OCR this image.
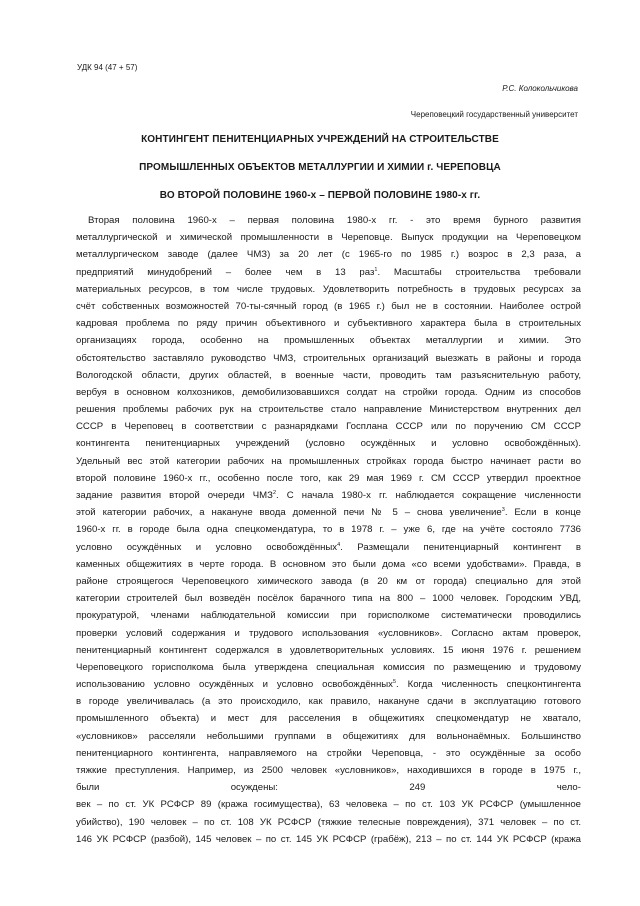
УДК 94 (47 + 57)
Р.С. Колокольчикова
Череповецкий государственный университет
КОНТИНГЕНТ ПЕНИТЕНЦИАРНЫХ УЧРЕЖДЕНИЙ НА СТРОИТЕЛЬСТВЕ
ПРОМЫШЛЕННЫХ ОБЪЕКТОВ МЕТАЛЛУРГИИ И ХИМИИ г. ЧЕРЕПОВЦА
ВО ВТОРОЙ ПОЛОВИНЕ 1960-х – ПЕРВОЙ ПОЛОВИНЕ 1980-х гг.
Вторая половина 1960-х – первая половина 1980-х гг. - это время бурного развития
металлургической и химической промышленности в Череповце. Выпуск продукции на Череповецком
металлургическом заводе (далее ЧМЗ) за 20 лет (с 1965-го по 1985 г.) возрос в 2,3 раза, а
предприятий минудобрений – более чем в 13 раз$^1$. Масштабы строительства требовали
материальных ресурсов, в том числе трудовых. Удовлетворить потребность в трудовых ресурсах за
счёт собственных возможностей 70-ты-сячный город (в 1965 г.) был не в состоянии. Наиболее острой
кадровая проблема по ряду причин объективного и субъективного характера была в строительных
организациях города, особенно на промышленных объектах металлургии и химии. Это
обстоятельство заставляло руководство ЧМЗ, строительных организаций выезжать в районы и города
Вологодской области, других областей, в военные части, проводить там разъяснительную работу,
вербуя в основном колхозников, демобилизовавшихся солдат на стройки города. Одним из способов
решения проблемы рабочих рук на строительстве стало направление Министерством внутренних дел
СССР в Череповец в соответствии с разнарядками Госплана СССР или по поручению СМ СССР
контингента пенитенциарных учреждений (условно осуждённых и условно освобождённых).
Удельный вес этой категории рабочих на промышленных стройках города быстро начинает расти во
второй половине 1960-х гг., особенно после того, как 29 мая 1969 г. СМ СССР утвердил проектное
задание развития второй очереди ЧМЗ$^2$. С начала 1980-х гг. наблюдается сокращение численности
этой категории рабочих, а накануне ввода доменной печи № 5 – снова увеличение$^3$. Если в конце
1960-х гг. в городе была одна спецкомендатура, то в 1978 г. – уже 6, где на учёте состояло 7736
условно осуждённых и условно освобождённых$^4$. Размещали пенитенциарный контингент в
каменных общежитиях в черте города. В основном это были дома «со всеми удобствами». Правда, в
районе строящегося Череповецкого химического завода (в 20 км от города) специально для этой
категории строителей был возведён посёлок барачного типа на 800 – 1000 человек. Городским УВД,
прокуратурой, членами наблюдательной комиссии при горисполкоме систематически проводились
проверки условий содержания и трудового использования «условников». Согласно актам проверок,
пенитенциарный контингент содержался в удовлетворительных условиях. 15 июня 1976 г. решением
Череповецкого горисполкома была утверждена специальная комиссия по размещению и трудовому
использованию условно осуждённых и условно освобождённых$^5$. Когда численность спецконтингента
в городе увеличивалась (а это происходило, как правило, накануне сдачи в эксплуатацию готового
промышленного объекта) и мест для расселения в общежитиях спецкомендатур не хватало,
«условников» расселяли небольшими группами в общежитиях для вольнонаёмных. Большинство
пенитенциарного контингента, направляемого на стройки Череповца, - это осуждённые за особо
тяжкие преступления. Например, из 2500 человек «условников», находившихся в городе в 1975 г.,
были	осуждены:	249	чело-
век – по ст. УК РСФСР 89 (кража госимущества), 63 человека – по ст. 103 УК РСФСР (умышленное
убийство), 190 человек – по ст. 108 УК РСФСР (тяжкие телесные повреждения), 371 человек – по ст.
146 УК РСФСР (разбой), 145 человек – по ст. 145 УК РСФСР (грабёж), 213 – по ст. 144 УК РСФСР (кража
